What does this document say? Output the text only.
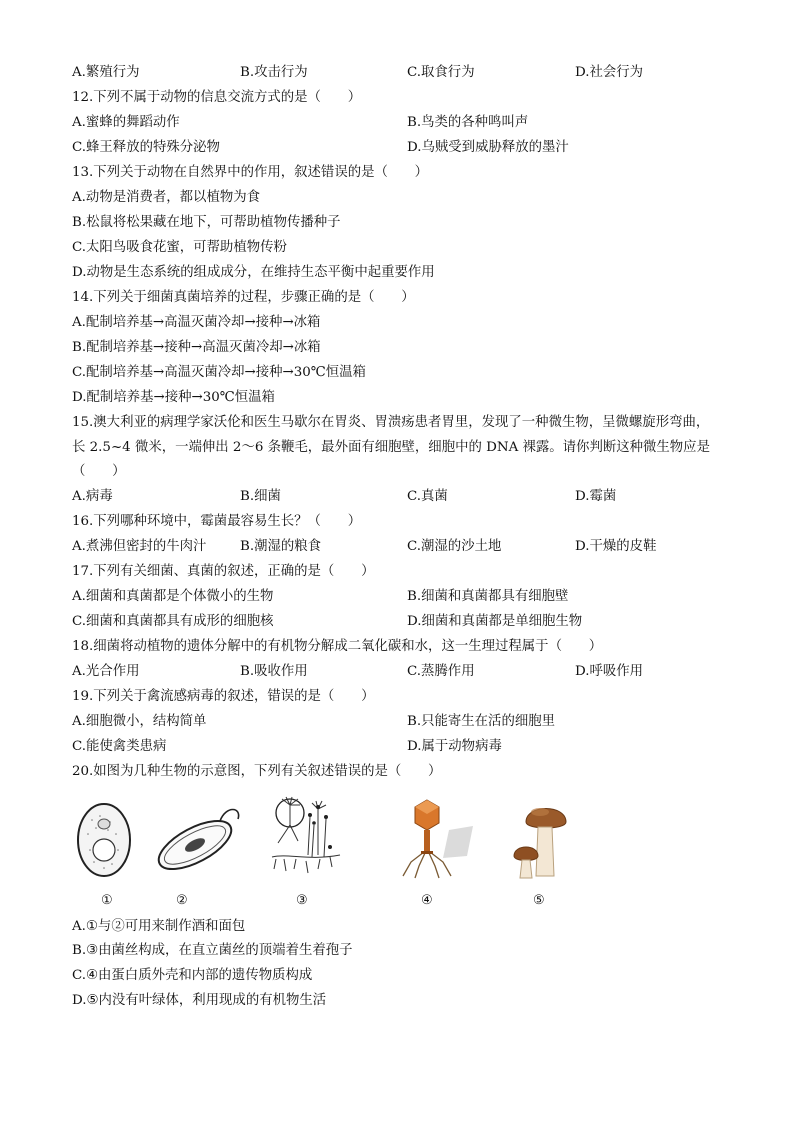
A.繁殖行为	B.攻击行为	C.取食行为	D.社会行为
12.下列不属于动物的信息交流方式的是（　　）
A.蜜蜂的舞蹈动作	B.鸟类的各种鸣叫声
C.蜂王释放的特殊分泌物	D.乌贼受到威胁释放的墨汁
13.下列关于动物在自然界中的作用，叙述错误的是（　　）
A.动物是消费者，都以植物为食
B.松鼠将松果藏在地下，可帮助植物传播种子
C.太阳鸟吸食花蜜，可帮助植物传粉
D.动物是生态系统的组成成分，在维持生态平衡中起重要作用
14.下列关于细菌真菌培养的过程，步骤正确的是（　　）
A.配制培养基→高温灭菌冷却→接种→冰箱
B.配制培养基→接种→高温灭菌冷却→冰箱
C.配制培养基→高温灭菌冷却→接种→30℃恒温箱
D.配制培养基→接种→30℃恒温箱
15.澳大利亚的病理学家沃伦和医生马歇尔在胃炎、胃溃疡患者胃里，发现了一种微生物，呈微螺旋形弯曲，
长 2.5~4 微米，一端伸出 2～6 条鞭毛，最外面有细胞壁，细胞中的 DNA 裸露。请你判断这种微生物应是
（　　）
A.病毒	B.细菌	C.真菌	D.霉菌
16.下列哪种环境中，霉菌最容易生长？（　　）
A.煮沸但密封的牛肉汁	B.潮湿的粮食	C.潮湿的沙土地	D.干燥的皮鞋
17.下列有关细菌、真菌的叙述，正确的是（　　）
A.细菌和真菌都是个体微小的生物	B.细菌和真菌都具有细胞壁
C.细菌和真菌都具有成形的细胞核	D.细菌和真菌都是单细胞生物
18.细菌将动植物的遗体分解中的有机物分解成二氧化碳和水，这一生理过程属于（　　）
A.光合作用	B.吸收作用	C.蒸腾作用	D.呼吸作用
19.下列关于禽流感病毒的叙述，错误的是（　　）
A.细胞微小，结构简单	B.只能寄生在活的细胞里
C.能使禽类患病	D.属于动物病毒
20.如图为几种生物的示意图，下列有关叙述错误的是（　　）
①	②	③	④	⑤
A.①与②可用来制作酒和面包
B.③由菌丝构成，在直立菌丝的顶端着生着孢子
C.④由蛋白质外壳和内部的遗传物质构成
D.⑤内没有叶绿体，利用现成的有机物生活
